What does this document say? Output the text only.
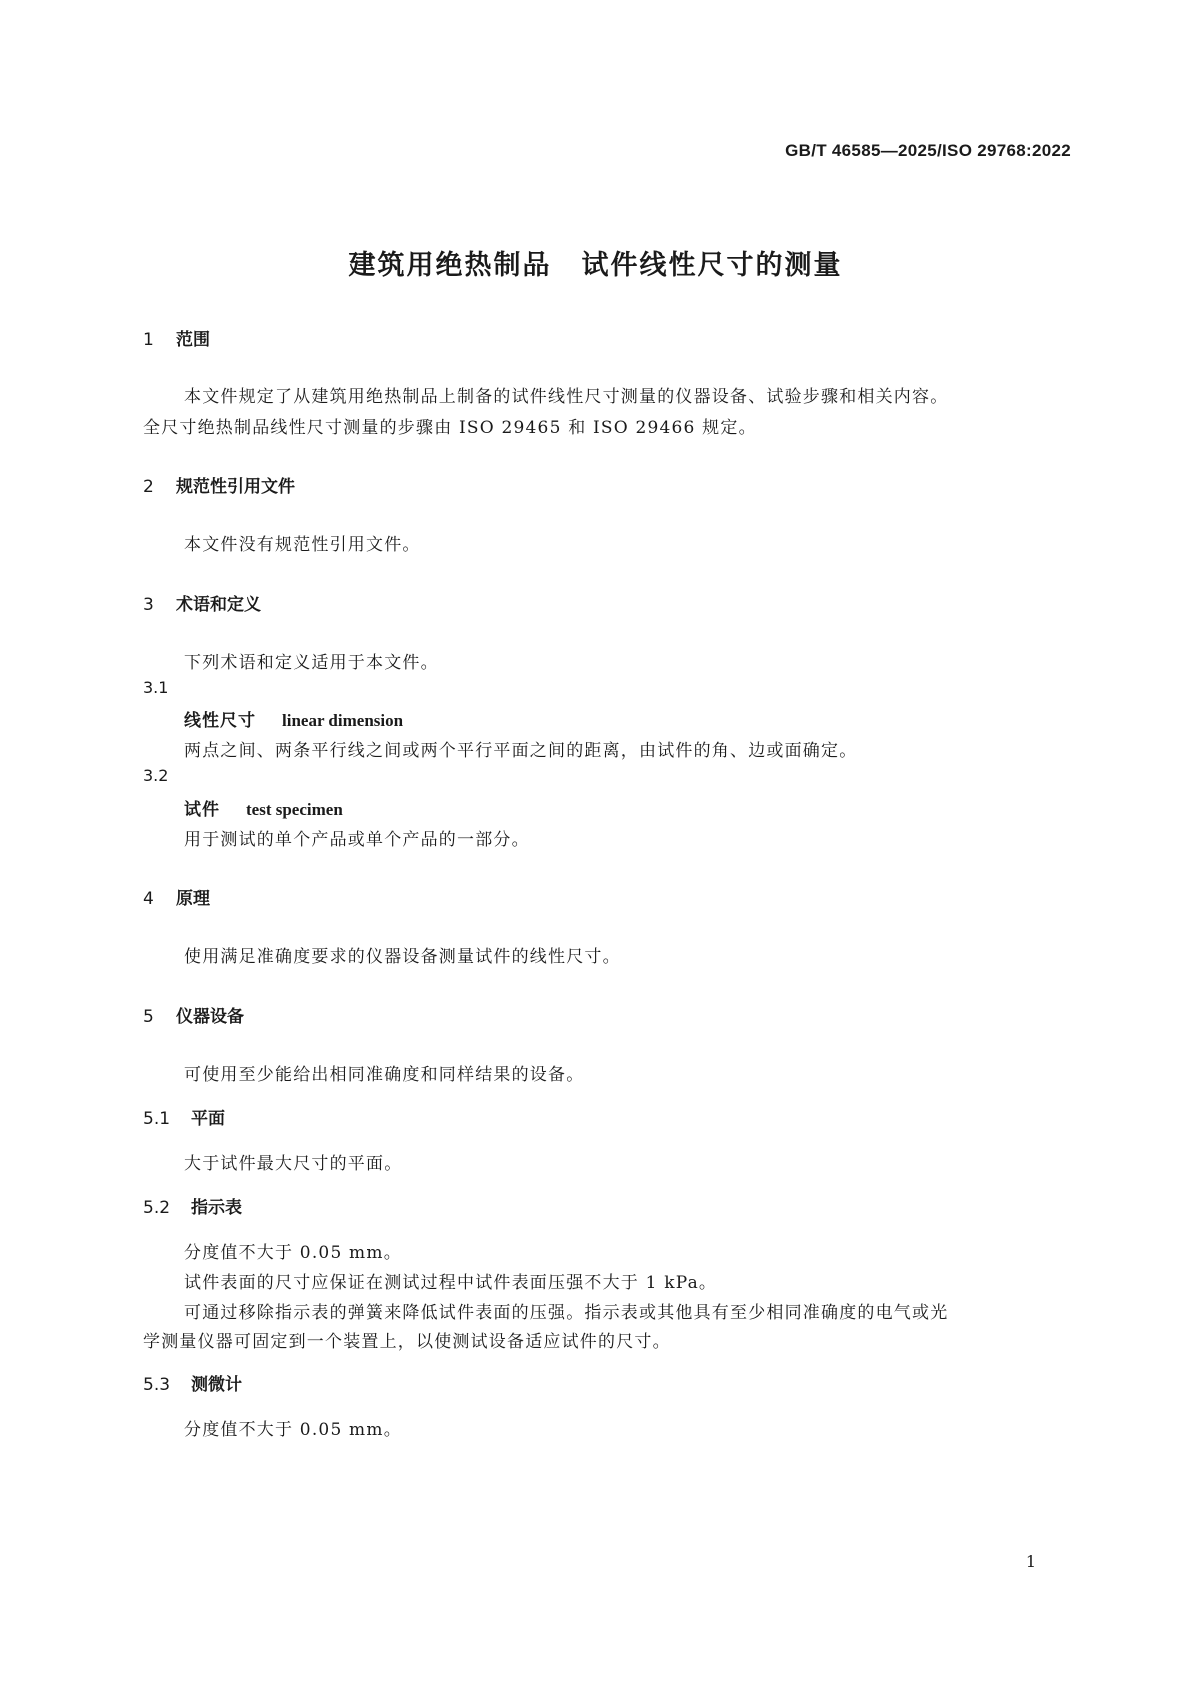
GB/T 46585—2025/ISO 29768:2022
建筑用绝热制品 试件线性尺寸的测量
1 范围
本文件规定了从建筑用绝热制品上制备的试件线性尺寸测量的仪器设备、试验步骤和相关内容。
全尺寸绝热制品线性尺寸测量的步骤由 ISO 29465 和 ISO 29466 规定。
2 规范性引用文件
本文件没有规范性引用文件。
3 术语和定义
下列术语和定义适用于本文件。
3.1
线性尺寸 linear dimension
两点之间、两条平行线之间或两个平行平面之间的距离，由试件的角、边或面确定。
3.2
试件 test specimen
用于测试的单个产品或单个产品的一部分。
4 原理
使用满足准确度要求的仪器设备测量试件的线性尺寸。
5 仪器设备
可使用至少能给出相同准确度和同样结果的设备。
5.1 平面
大于试件最大尺寸的平面。
5.2 指示表
分度值不大于 0.05 mm。
试件表面的尺寸应保证在测试过程中试件表面压强不大于 1 kPa。
可通过移除指示表的弹簧来降低试件表面的压强。指示表或其他具有至少相同准确度的电气或光
学测量仪器可固定到一个装置上，以使测试设备适应试件的尺寸。
5.3 测微计
分度值不大于 0.05 mm。
1
